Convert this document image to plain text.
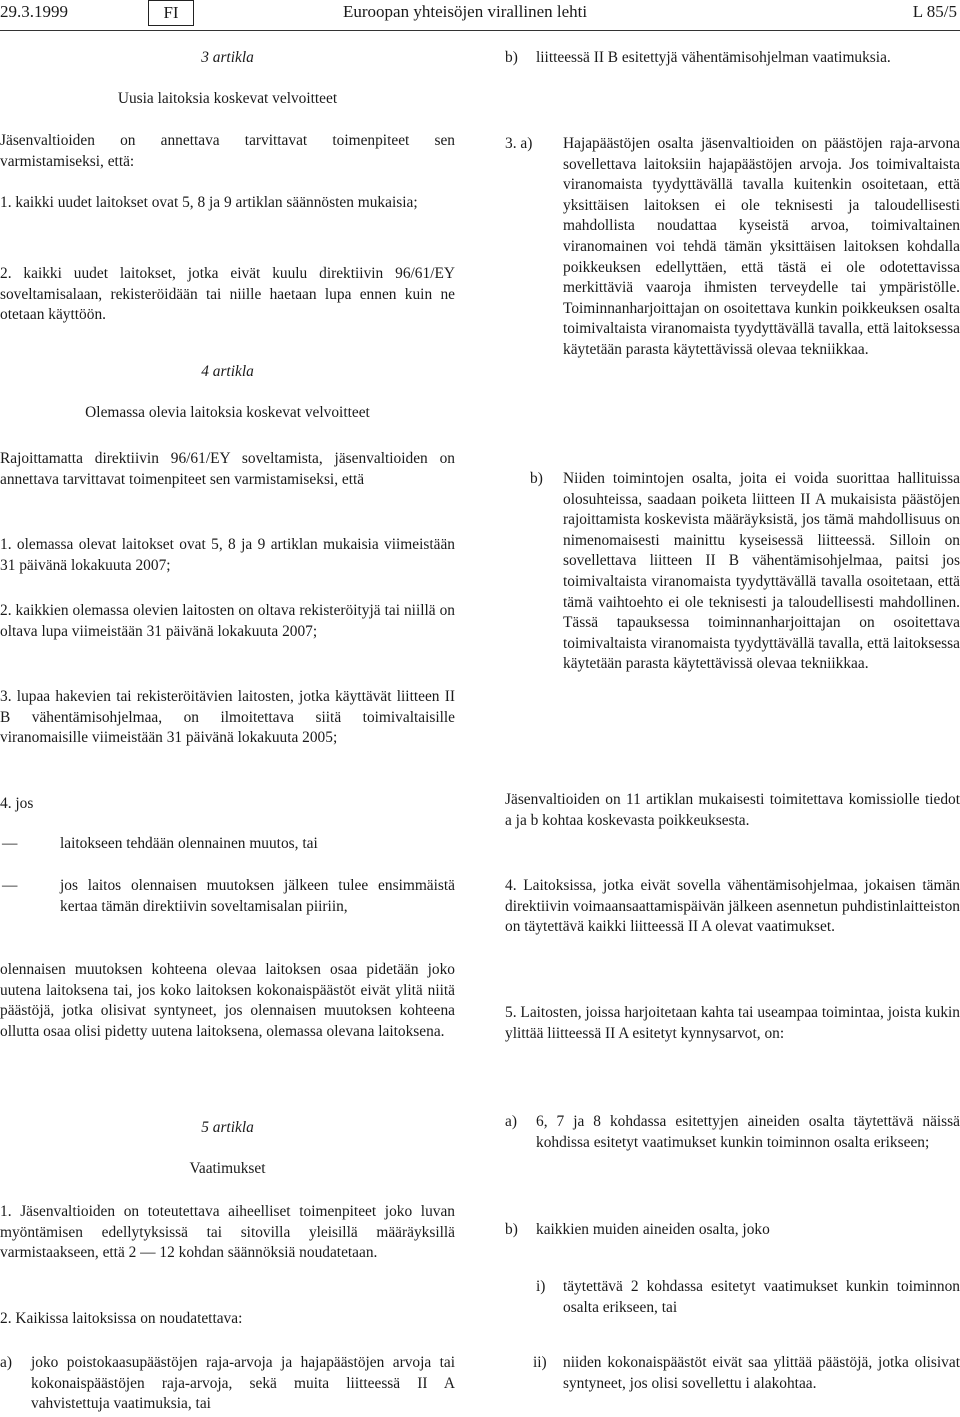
29.3.1999	FI	Euroopan yhteisöjen virallinen lehti	L 85/5
3 artikla
Uusia laitoksia koskevat velvoitteet
Jäsenvaltioiden on annettava tarvittavat toimenpiteet sen varmistamiseksi, että:
1. kaikki uudet laitokset ovat 5, 8 ja 9 artiklan säännösten mukaisia;
2. kaikki uudet laitokset, jotka eivät kuulu direktiivin 96/61/EY soveltamisalaan, rekisteröidään tai niille haetaan lupa ennen kuin ne otetaan käyttöön.
4 artikla
Olemassa olevia laitoksia koskevat velvoitteet
Rajoittamatta direktiivin 96/61/EY soveltamista, jäsenvaltioiden on annettava tarvittavat toimenpiteet sen varmistamiseksi, että
1. olemassa olevat laitokset ovat 5, 8 ja 9 artiklan mukaisia viimeistään 31 päivänä lokakuuta 2007;
2. kaikkien olemassa olevien laitosten on oltava rekisteröityjä tai niillä on oltava lupa viimeistään 31 päivänä lokakuuta 2007;
3. lupaa hakevien tai rekisteröitävien laitosten, jotka käyttävät liitteen II B vähentämisohjelmaa, on ilmoitettava siitä toimivaltaisille viranomaisille viimeistään 31 päivänä lokakuuta 2005;
4. jos
—	laitokseen tehdään olennainen muutos, tai
—	jos laitos olennaisen muutoksen jälkeen tulee ensimmäistä kertaa tämän direktiivin soveltamisalan piiriin,
olennaisen muutoksen kohteena olevaa laitoksen osaa pidetään joko uutena laitoksena tai, jos koko laitoksen kokonaispäästöt eivät ylitä niitä päästöjä, jotka olisivat syntyneet, jos olennaisen muutoksen kohteena ollutta osaa olisi pidetty uutena laitoksena, olemassa olevana laitoksena.
5 artikla
Vaatimukset
1. Jäsenvaltioiden on toteutettava aiheelliset toimenpiteet joko luvan myöntämisen edellytyksissä tai sitovilla yleisillä määräyksillä varmistaakseen, että 2 — 12 kohdan säännöksiä noudatetaan.
2. Kaikissa laitoksissa on noudatettava:
a) joko poistokaasupäästöjen raja-arvoja ja hajapäästöjen arvoja tai kokonaispäästöjen raja-arvoja, sekä muita liitteessä II A vahvistettuja vaatimuksia, tai
b) liitteessä II B esitettyjä vähentämisohjelman vaatimuksia.
3. a) Hajapäästöjen osalta jäsenvaltioiden on päästöjen raja-arvona sovellettava laitoksiin hajapäästöjen arvoja. Jos toimivaltaista viranomaista tyydyttävällä tavalla kuitenkin osoitetaan, että yksittäisen laitoksen ei ole teknisesti ja taloudellisesti mahdollista noudattaa kyseistä arvoa, toimivaltainen viranomainen voi tehdä tämän yksittäisen laitoksen kohdalla poikkeuksen edellyttäen, että tästä ei ole odotettavissa merkittäviä vaaroja ihmisten terveydelle tai ympäristölle. Toiminnanharjoittajan on osoitettava kunkin poikkeuksen osalta toimivaltaista viranomaista tyydyttävällä tavalla, että laitoksessa käytetään parasta käytettävissä olevaa tekniikkaa.
b) Niiden toimintojen osalta, joita ei voida suorittaa hallituissa olosuhteissa, saadaan poiketa liitteen II A mukaisista päästöjen rajoittamista koskevista määräyksistä, jos tämä mahdollisuus on nimenomaisesti mainittu kyseisessä liitteessä. Silloin on sovellettava liitteen II B vähentämisohjelmaa, paitsi jos toimivaltaista viranomaista tyydyttävällä tavalla osoitetaan, että tämä vaihtoehto ei ole teknisesti ja taloudellisesti mahdollinen. Tässä tapauksessa toiminnanharjoittajan on osoitettava toimivaltaista viranomaista tyydyttävällä tavalla, että laitoksessa käytetään parasta käytettävissä olevaa tekniikkaa.
Jäsenvaltioiden on 11 artiklan mukaisesti toimitettava komissiolle tiedot a ja b kohtaa koskevasta poikkeuksesta.
4. Laitoksissa, jotka eivät sovella vähentämisohjelmaa, jokaisen tämän direktiivin voimaansaattamispäivän jälkeen asennetun puhdistinlaitteiston on täytettävä kaikki liitteessä II A olevat vaatimukset.
5. Laitosten, joissa harjoitetaan kahta tai useampaa toimintaa, joista kukin ylittää liitteessä II A esitetyt kynnysarvot, on:
a) 6, 7 ja 8 kohdassa esitettyjen aineiden osalta täytettävä näissä kohdissa esitetyt vaatimukset kunkin toiminnon osalta erikseen;
b) kaikkien muiden aineiden osalta, joko
i) täytettävä 2 kohdassa esitetyt vaatimukset kunkin toiminnon osalta erikseen, tai
ii) niiden kokonaispäästöt eivät saa ylittää päästöjä, jotka olisivat syntyneet, jos olisi sovellettu i alakohtaa.
